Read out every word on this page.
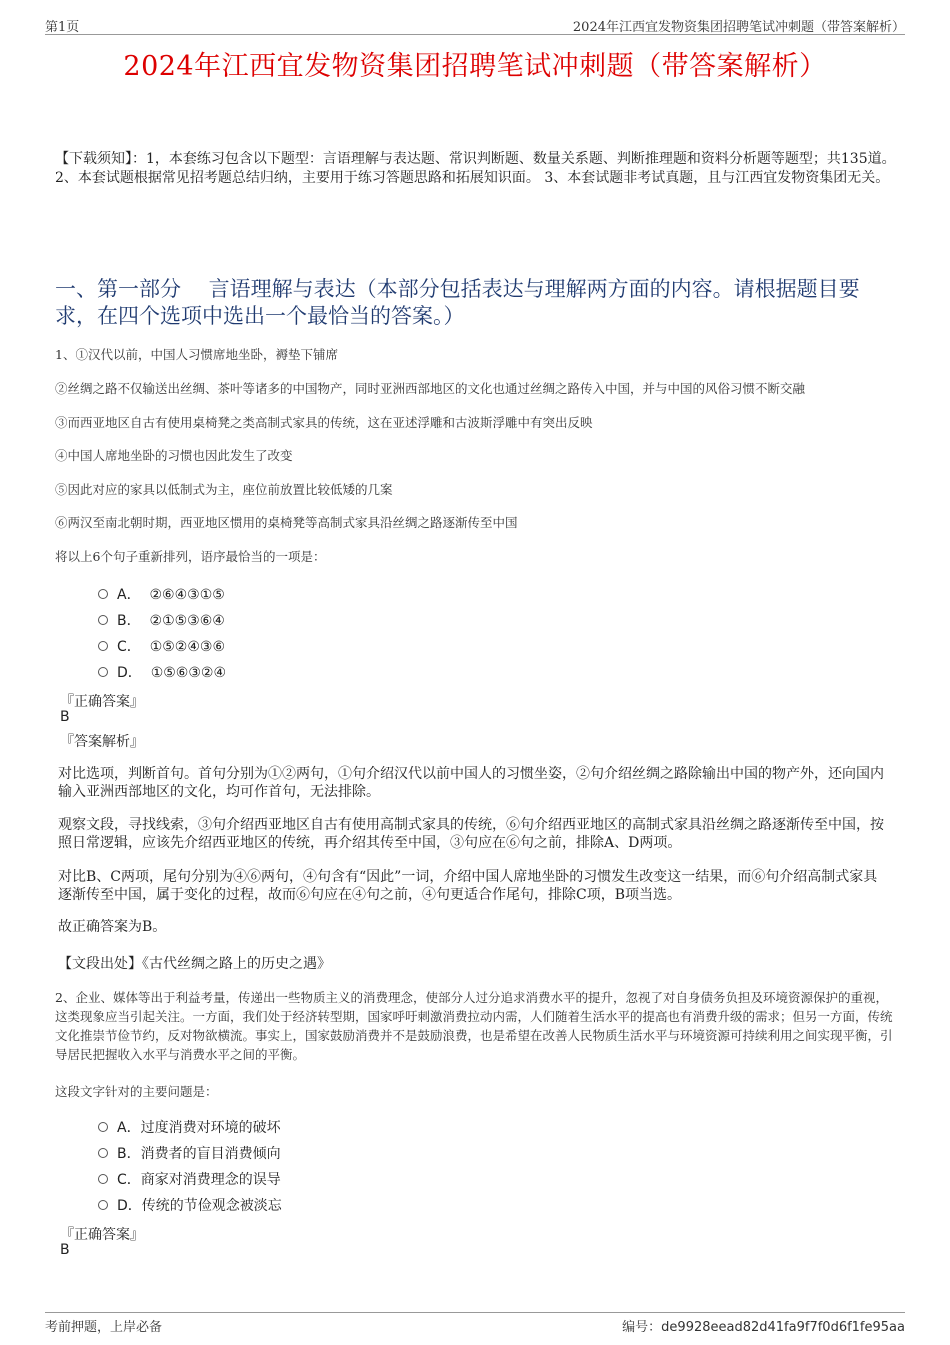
第1页	2024年江西宜发物资集团招聘笔试冲刺题（带答案解析）
2024年江西宜发物资集团招聘笔试冲刺题（带答案解析）
【下载须知】：1，本套练习包含以下题型：言语理解与表达题、常识判断题、数量关系题、判断推理题和资料分析题等题型；共135道。 2、本套试题根据常见招考题总结归纳，主要用于练习答题思路和拓展知识面。 3、本套试题非考试真题，且与江西宜发物资集团无关。
一、第一部分　 言语理解与表达（本部分包括表达与理解两方面的内容。请根据题目要求，在四个选项中选出一个最恰当的答案。）
1、①汉代以前，中国人习惯席地坐卧，褥垫下铺席
②丝绸之路不仅输送出丝绸、茶叶等诸多的中国物产，同时亚洲西部地区的文化也通过丝绸之路传入中国，并与中国的风俗习惯不断交融
③而西亚地区自古有使用桌椅凳之类高制式家具的传统，这在亚述浮雕和古波斯浮雕中有突出反映
④中国人席地坐卧的习惯也因此发生了改变
⑤因此对应的家具以低制式为主，座位前放置比较低矮的几案
⑥两汉至南北朝时期，西亚地区惯用的桌椅凳等高制式家具沿丝绸之路逐渐传至中国
将以上6个句子重新排列，语序最恰当的一项是：
A． ②⑥④③①⑤
B． ②①⑤③⑥④
C． ①⑤②④③⑥
D． ①⑤⑥③②④
『正确答案』
B
『答案解析』
对比选项，判断首句。首句分别为①②两句，①句介绍汉代以前中国人的习惯坐姿，②句介绍丝绸之路除输出中国的物产外，还向国内输入亚洲西部地区的文化，均可作首句，无法排除。
观察文段，寻找线索，③句介绍西亚地区自古有使用高制式家具的传统，⑥句介绍西亚地区的高制式家具沿丝绸之路逐渐传至中国，按照日常逻辑，应该先介绍西亚地区的传统，再介绍其传至中国，③句应在⑥句之前，排除A、D两项。
对比B、C两项，尾句分别为④⑥两句，④句含有“因此”一词，介绍中国人席地坐卧的习惯发生改变这一结果，而⑥句介绍高制式家具逐渐传至中国，属于变化的过程，故而⑥句应在④句之前，④句更适合作尾句，排除C项，B项当选。
故正确答案为B。
【文段出处】《古代丝绸之路上的历史之遇》
2、企业、媒体等出于利益考量，传递出一些物质主义的消费理念，使部分人过分追求消费水平的提升，忽视了对自身债务负担及环境资源保护的重视，这类现象应当引起关注。一方面，我们处于经济转型期，国家呼吁刺激消费拉动内需，人们随着生活水平的提高也有消费升级的需求；但另一方面，传统文化推崇节俭节约，反对物欲横流。事实上，国家鼓励消费并不是鼓励浪费，也是希望在改善人民物质生活水平与环境资源可持续利用之间实现平衡，引导居民把握收入水平与消费水平之间的平衡。
这段文字针对的主要问题是：
A．过度消费对环境的破坏
B．消费者的盲目消费倾向
C．商家对消费理念的误导
D．传统的节俭观念被淡忘
『正确答案』
B
考前押题，上岸必备	编号：de9928eead82d41fa9f7f0d6f1fe95aa
